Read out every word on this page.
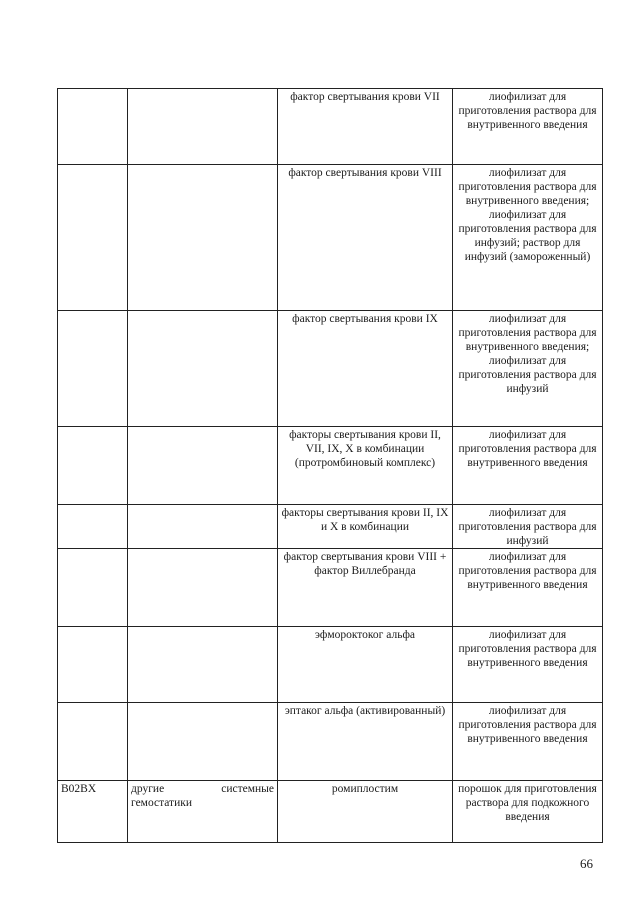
		фактор свертывания крови VII	лиофилизат для приготовления раствора для внутривенного введения
		фактор свертывания крови VIII	лиофилизат для приготовления раствора для внутривенного введения; лиофилизат для приготовления раствора для инфузий; раствор для инфузий (замороженный)
		фактор свертывания крови IX	лиофилизат для приготовления раствора для внутривенного введения; лиофилизат для приготовления раствора для инфузий
		факторы свертывания крови II, VII, IX, X в комбинации (протромбиновый комплекс)	лиофилизат для приготовления раствора для внутривенного введения
		факторы свертывания крови II, IX и X в комбинации	лиофилизат для приготовления раствора для инфузий
		фактор свертывания крови VIII + фактор Виллебранда	лиофилизат для приготовления раствора для внутривенного введения
		эфмороктоког альфа	лиофилизат для приготовления раствора для внутривенного введения
		эптаког альфа (активированный)	лиофилизат для приготовления раствора для внутривенного введения
B02BX	другие системные гемостатики	ромиплостим	порошок для приготовления раствора для подкожного введения
66
